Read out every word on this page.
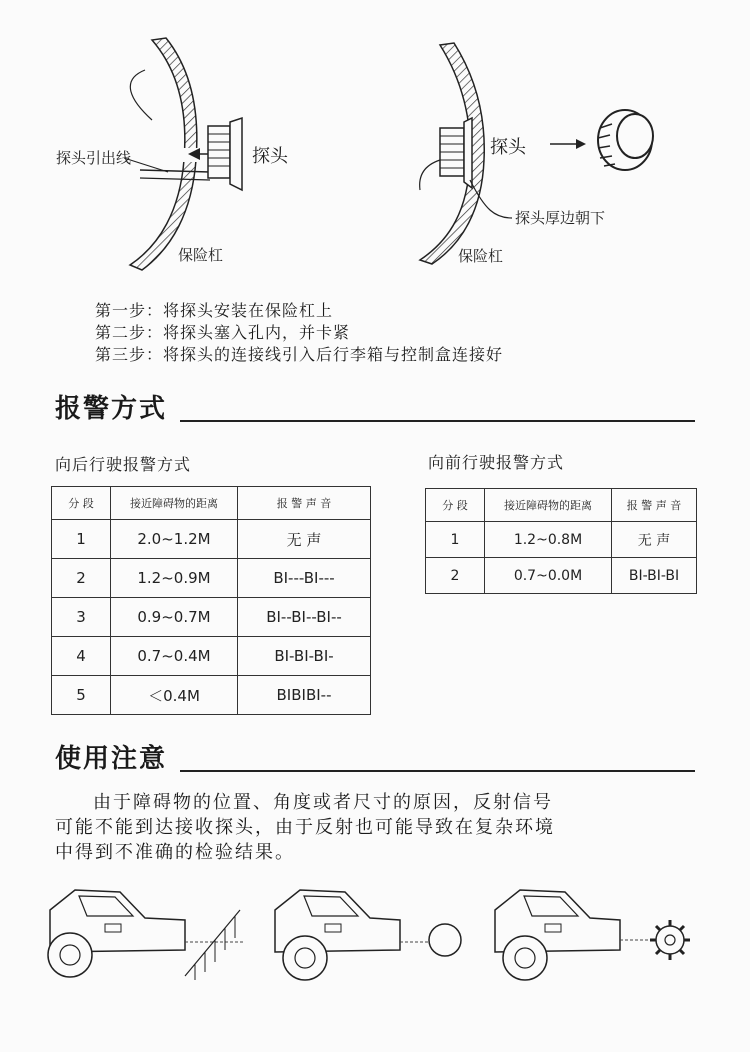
探头引出线	探头
保险杠
探头
探头厚边朝下
保险杠
第一步：将探头安装在保险杠上
第二步：将探头塞入孔内，并卡紧
第三步：将探头的连接线引入后行李箱与控制盒连接好
报警方式
向后行驶报警方式	向前行驶报警方式
分 段	接近障碍物的距离	报 警 声 音
1	2.0~1.2M	无 声
2	1.2~0.9M	BI---BI---
3	0.9~0.7M	BI--BI--BI--
4	0.7~0.4M	BI-BI-BI-
5	＜0.4M	BIBIBI--
分 段	接近障碍物的距离	报 警 声 音
1	1.2~0.8M	无 声
2	0.7~0.0M	BI-BI-BI
使用注意

由于障碍物的位置、角度或者尺寸的原因，反射信号

可能不能到达接收探头，由于反射也可能导致在复杂环境

中得到不准确的检验结果。
